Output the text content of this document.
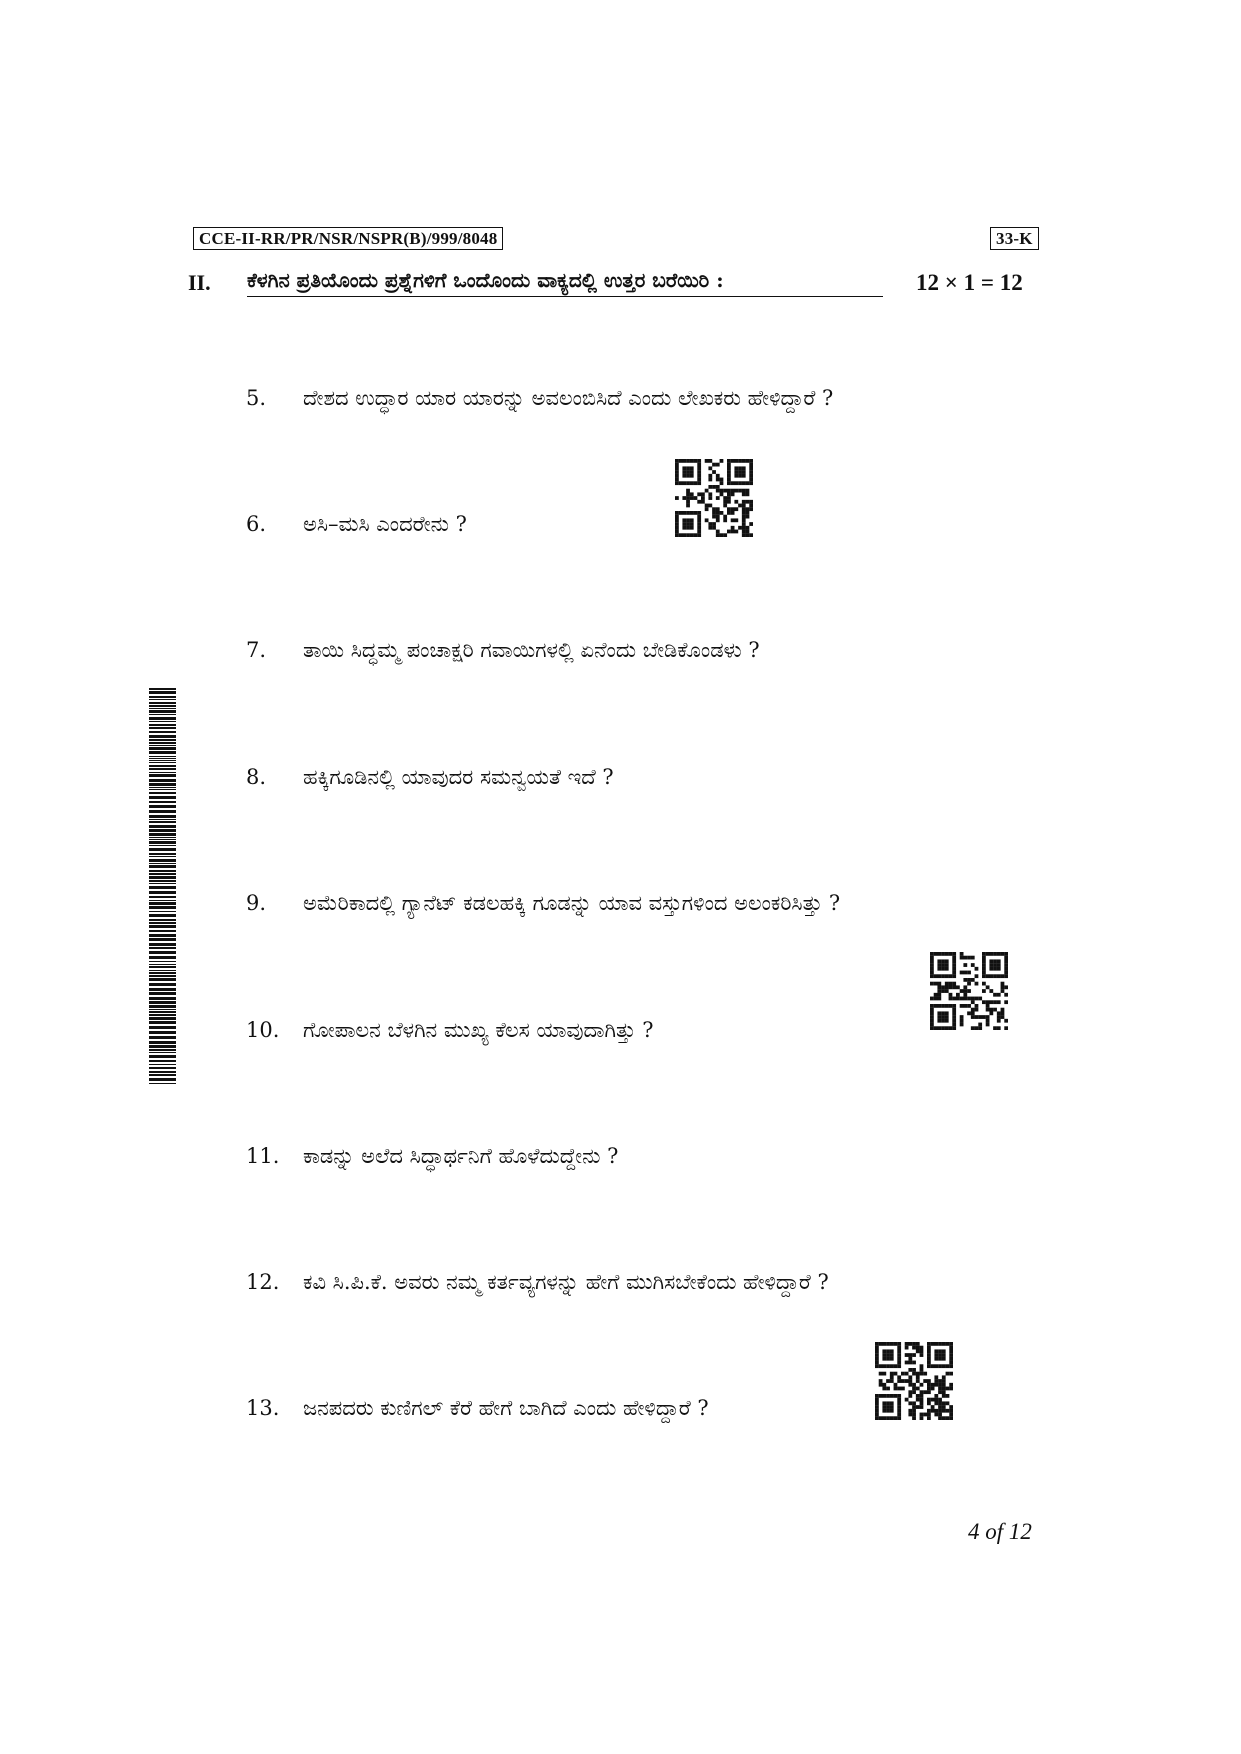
CCE-II-RR/PR/NSR/NSPR(B)/999/8048	33-K
II. ಕೆಳಗಿನ ಪ್ರತಿಯೊಂದು ಪ್ರಶ್ನೆಗಳಿಗೆ ಒಂದೊಂದು ವಾಕ್ಯದಲ್ಲಿ ಉತ್ತರ ಬರೆಯಿರಿ :	12 × 1 = 12
5. ದೇಶದ ಉದ್ಧಾರ ಯಾರ ಯಾರನ್ನು ಅವಲಂಬಿಸಿದೆ ಎಂದು ಲೇಖಕರು ಹೇಳಿದ್ದಾರೆ ?
6. ಅಸಿ–ಮಸಿ ಎಂದರೇನು ?
7. ತಾಯಿ ಸಿದ್ಧಮ್ಮ ಪಂಚಾಕ್ಷರಿ ಗವಾಯಿಗಳಲ್ಲಿ ಏನೆಂದು ಬೇಡಿಕೊಂಡಳು ?
8. ಹಕ್ಕಿಗೂಡಿನಲ್ಲಿ ಯಾವುದರ ಸಮನ್ವಯತೆ ಇದೆ ?
9. ಅಮೆರಿಕಾದಲ್ಲಿ ಗ್ಯಾನೆಟ್ ಕಡಲಹಕ್ಕಿ ಗೂಡನ್ನು ಯಾವ ವಸ್ತುಗಳಿಂದ ಅಲಂಕರಿಸಿತ್ತು ?
10. ಗೋಪಾಲನ ಬೆಳಗಿನ ಮುಖ್ಯ ಕೆಲಸ ಯಾವುದಾಗಿತ್ತು ?
11. ಕಾಡನ್ನು ಅಲೆದ ಸಿದ್ಧಾರ್ಥನಿಗೆ ಹೊಳೆದುದ್ದೇನು ?
12. ಕವಿ ಸಿ.ಪಿ.ಕೆ. ಅವರು ನಮ್ಮ ಕರ್ತವ್ಯಗಳನ್ನು ಹೇಗೆ ಮುಗಿಸಬೇಕೆಂದು ಹೇಳಿದ್ದಾರೆ ?
13. ಜನಪದರು ಕುಣಿಗಲ್ ಕೆರೆ ಹೇಗೆ ಬಾಗಿದೆ ಎಂದು ಹೇಳಿದ್ದಾರೆ ?
4 of 12
